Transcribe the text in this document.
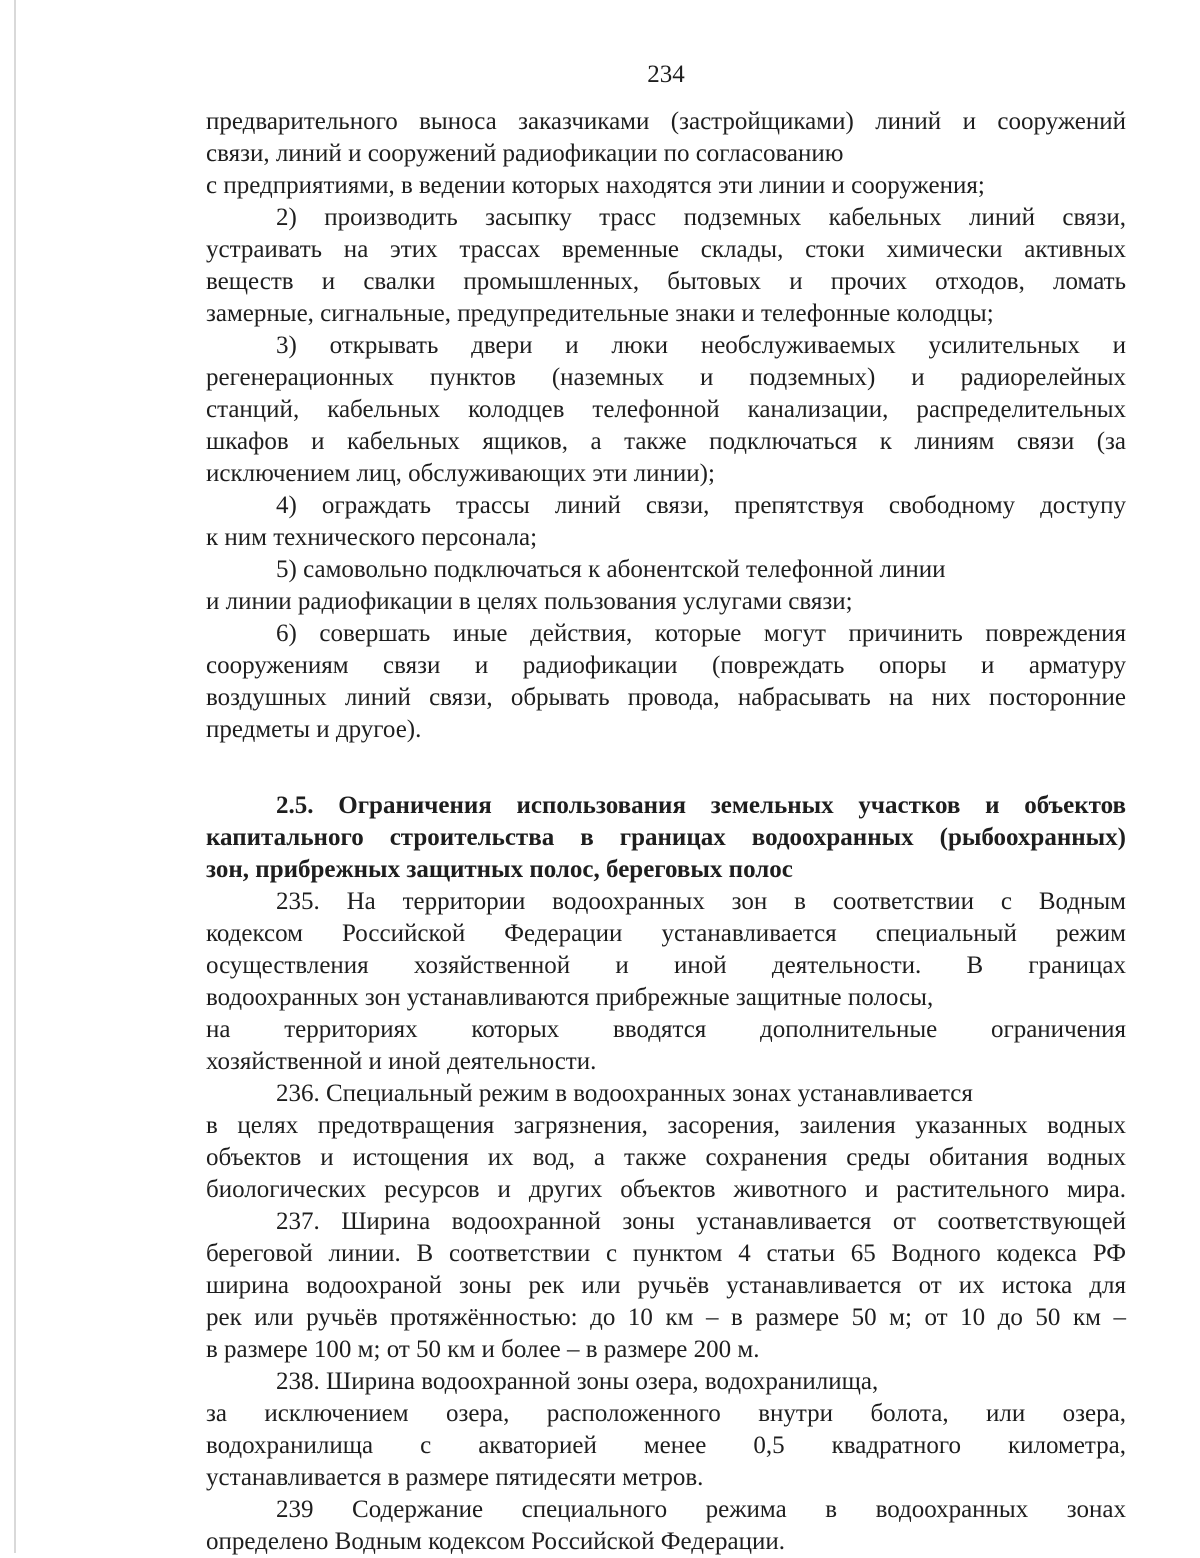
234
предварительного выноса заказчиками (застройщиками) линий и сооружений
связи, линий и сооружений радиофикации по согласованию
с предприятиями, в ведении которых находятся эти линии и сооружения;
2) производить засыпку трасс подземных кабельных линий связи,
устраивать на этих трассах временные склады, стоки химически активных
веществ и свалки промышленных, бытовых и прочих отходов, ломать
замерные, сигнальные, предупредительные знаки и телефонные колодцы;
3) открывать двери и люки необслуживаемых усилительных и
регенерационных пунктов (наземных и подземных) и радиорелейных
станций, кабельных колодцев телефонной канализации, распределительных
шкафов и кабельных ящиков, а также подключаться к линиям связи (за
исключением лиц, обслуживающих эти линии);
4) ограждать трассы линий связи, препятствуя свободному доступу
к ним технического персонала;
5) самовольно подключаться к абонентской телефонной линии
и линии радиофикации в целях пользования услугами связи;
6) совершать иные действия, которые могут причинить повреждения
сооружениям связи и радиофикации (повреждать опоры и арматуру
воздушных линий связи, обрывать провода, набрасывать на них посторонние
предметы и другое).
2.5. Ограничения использования земельных участков и объектов
капитального строительства в границах водоохранных (рыбоохранных)
зон, прибрежных защитных полос, береговых полос
235. На территории водоохранных зон в соответствии с Водным
кодексом Российской Федерации устанавливается специальный режим
осуществления хозяйственной и иной деятельности. В границах
водоохранных зон устанавливаются прибрежные защитные полосы,
на территориях которых вводятся дополнительные ограничения
хозяйственной и иной деятельности.
236. Специальный режим в водоохранных зонах устанавливается
в целях предотвращения загрязнения, засорения, заиления указанных водных
объектов и истощения их вод, а также сохранения среды обитания водных
биологических ресурсов и других объектов животного и растительного мира.
237. Ширина водоохранной зоны устанавливается от соответствующей
береговой линии. В соответствии с пунктом 4 статьи 65 Водного кодекса РФ
ширина водоохраной зоны рек или ручьёв устанавливается от их истока для
рек или ручьёв протяжённостью: до 10 км – в размере 50 м; от 10 до 50 км –
в размере 100 м; от 50 км и более – в размере 200 м.
238. Ширина водоохранной зоны озера, водохранилища,
за исключением озера, расположенного внутри болота, или озера,
водохранилища с акваторией менее 0,5 квадратного километра,
устанавливается в размере пятидесяти метров.
239 Содержание специального режима в водоохранных зонах
определено Водным кодексом Российской Федерации.
